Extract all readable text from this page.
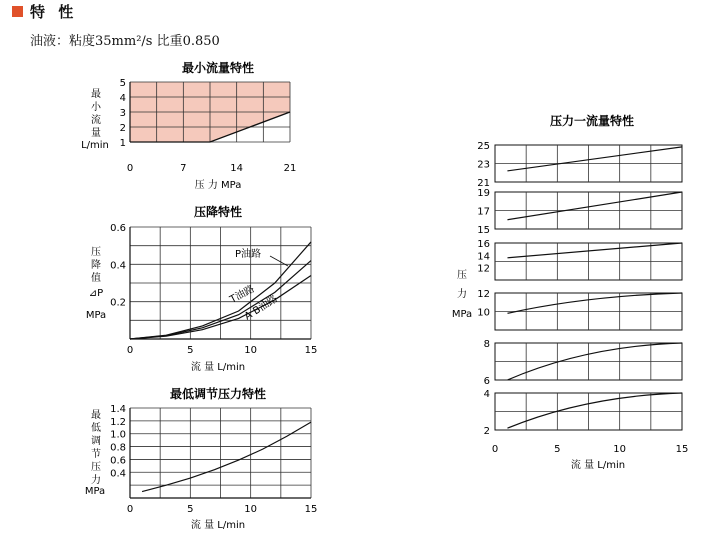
特 性
油液：粘度35mm²/s 比重0.850
最小流量特性
1
2
3
4
5
0	7	14	21
压 力 MPa
最
小
流
量
L/min
压降特性
P油路
T油路
A B油路
0.2
0.4
0.6
0	5	10	15
流 量 L/min
压
降
值
⊿P
MPa
最低调节压力特性
0.4
0.6
0.8
1.0
1.2
1.4
0	5	10	15
流 量 L/min
最
低
调
节
压
力
MPa
压力一流量特性
21
23
25
15
17
19
12
14
16
10
12
6
8
2
4
0	5	10	15
流 量 L/min
压
力
MPa
